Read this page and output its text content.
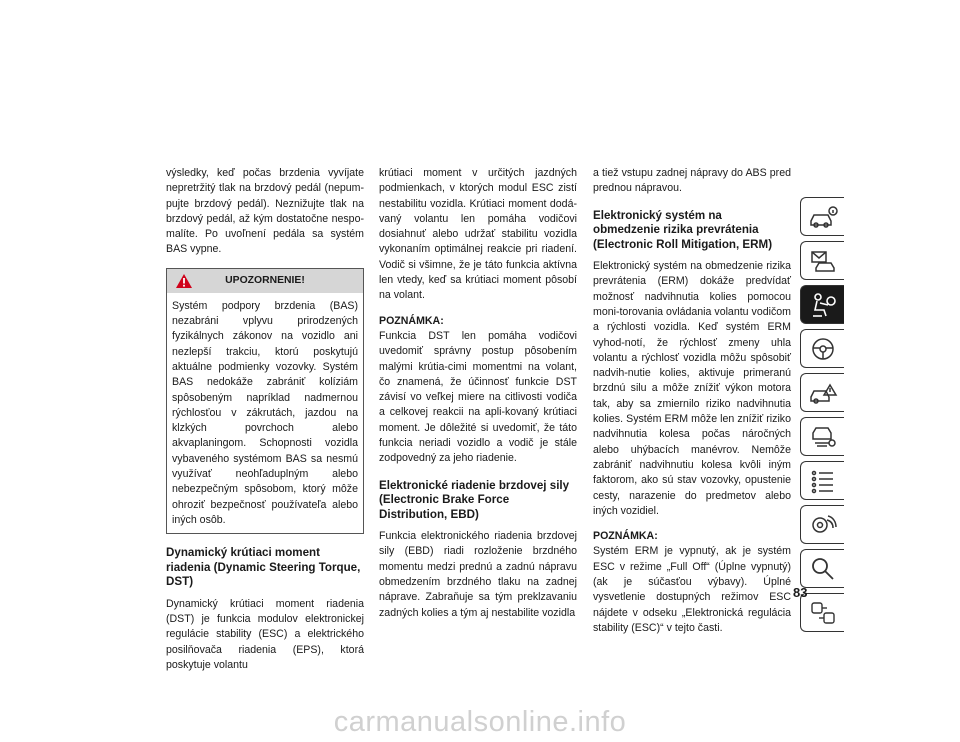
výsledky, keď počas brzdenia vyvíjate nepretržitý tlak na brzdový pedál (nepum-pujte brzdový pedál). Neznižujte tlak na brzdový pedál, až kým dostatočne nespo-malíte. Po uvoľnení pedála sa systém BAS vypne.

UPOZORNENIE!

Systém podpory brzdenia (BAS) nezabráni vplyvu prirodzených fyzikálnych zákonov na vozidlo ani nezlepší trakciu, ktorú poskytujú aktuálne podmienky vozovky. Systém BAS nedokáže zabrániť kolíziám spôsobeným napríklad nadmernou rýchlosťou v zákrutách, jazdou na klzkých povrchoch alebo akvaplaningom. Schopnosti vozidla vybaveného systémom BAS sa nesmú využívať neohľaduplným alebo nebezpečným spôsobom, ktorý môže ohroziť bezpečnosť používateľa alebo iných osôb.

Dynamický krútiaci moment riadenia (Dynamic Steering Torque, DST)

Dynamický krútiaci moment riadenia (DST) je funkcia modulov elektronickej regulácie stability (ESC) a elektrického posilňovača riadenia (EPS), ktorá poskytuje volantu

krútiaci moment v určitých jazdných podmienkach, v ktorých modul ESC zistí nestabilitu vozidla. Krútiaci moment dodá-vaný volantu len pomáha vodičovi dosiahnuť alebo udržať stabilitu vozidla vykonaním optimálnej reakcie pri riadení. Vodič si všimne, že je táto funkcia aktívna len vtedy, keď sa krútiaci moment pôsobí na volant.

POZNÁMKA:

Funkcia DST len pomáha vodičovi uvedomiť správny postup pôsobením malými krútia-cimi momentmi na volant, čo znamená, že účinnosť funkcie DST závisí vo veľkej miere na citlivosti vodiča a celkovej reakcii na apli-kovaný krútiaci moment. Je dôležité si uvedomiť, že táto funkcia neriadi vozidlo a vodič je stále zodpovedný za jeho riadenie.

Elektronické riadenie brzdovej sily (Electronic Brake Force Distribution, EBD)

Funkcia elektronického riadenia brzdovej sily (EBD) riadi rozloženie brzdného momentu medzi prednú a zadnú nápravu obmedzením brzdného tlaku na zadnej náprave. Zabraňuje sa tým preklzavaniu zadných kolies a tým aj nestabilite vozidla

a tiež vstupu zadnej nápravy do ABS pred prednou nápravou.

Elektronický systém na obmedzenie rizika prevrátenia (Electronic Roll Mitigation, ERM)

Elektronický systém na obmedzenie rizika prevrátenia (ERM) dokáže predvídať možnosť nadvihnutia kolies pomocou moni-torovania ovládania volantu vodičom a rýchlosti vozidla. Keď systém ERM vyhod-notí, že rýchlosť zmeny uhla volantu a rýchlosť vozidla môžu spôsobiť nadvih-nutie kolies, aktivuje primeranú brzdnú silu a môže znížiť výkon motora tak, aby sa zmiernilo riziko nadvihnutia kolies. Systém ERM môže len znížiť riziko nadvihnutia kolesa počas náročných alebo uhýbacích manévrov. Nemôže zabrániť nadvihnutiu kolesa kvôli iným faktorom, ako sú stav vozovky, opustenie cesty, narazenie do predmetov alebo iných vozidiel.

POZNÁMKA:

Systém ERM je vypnutý, ak je systém ESC v režime „Full Off“ (Úplne vypnutý) (ak je súčasťou výbavy). Úplné vysvetlenie dostupných režimov ESC nájdete v odseku „Elektronická regulácia stability (ESC)“ v tejto časti.

83
carmanualsonline.info
